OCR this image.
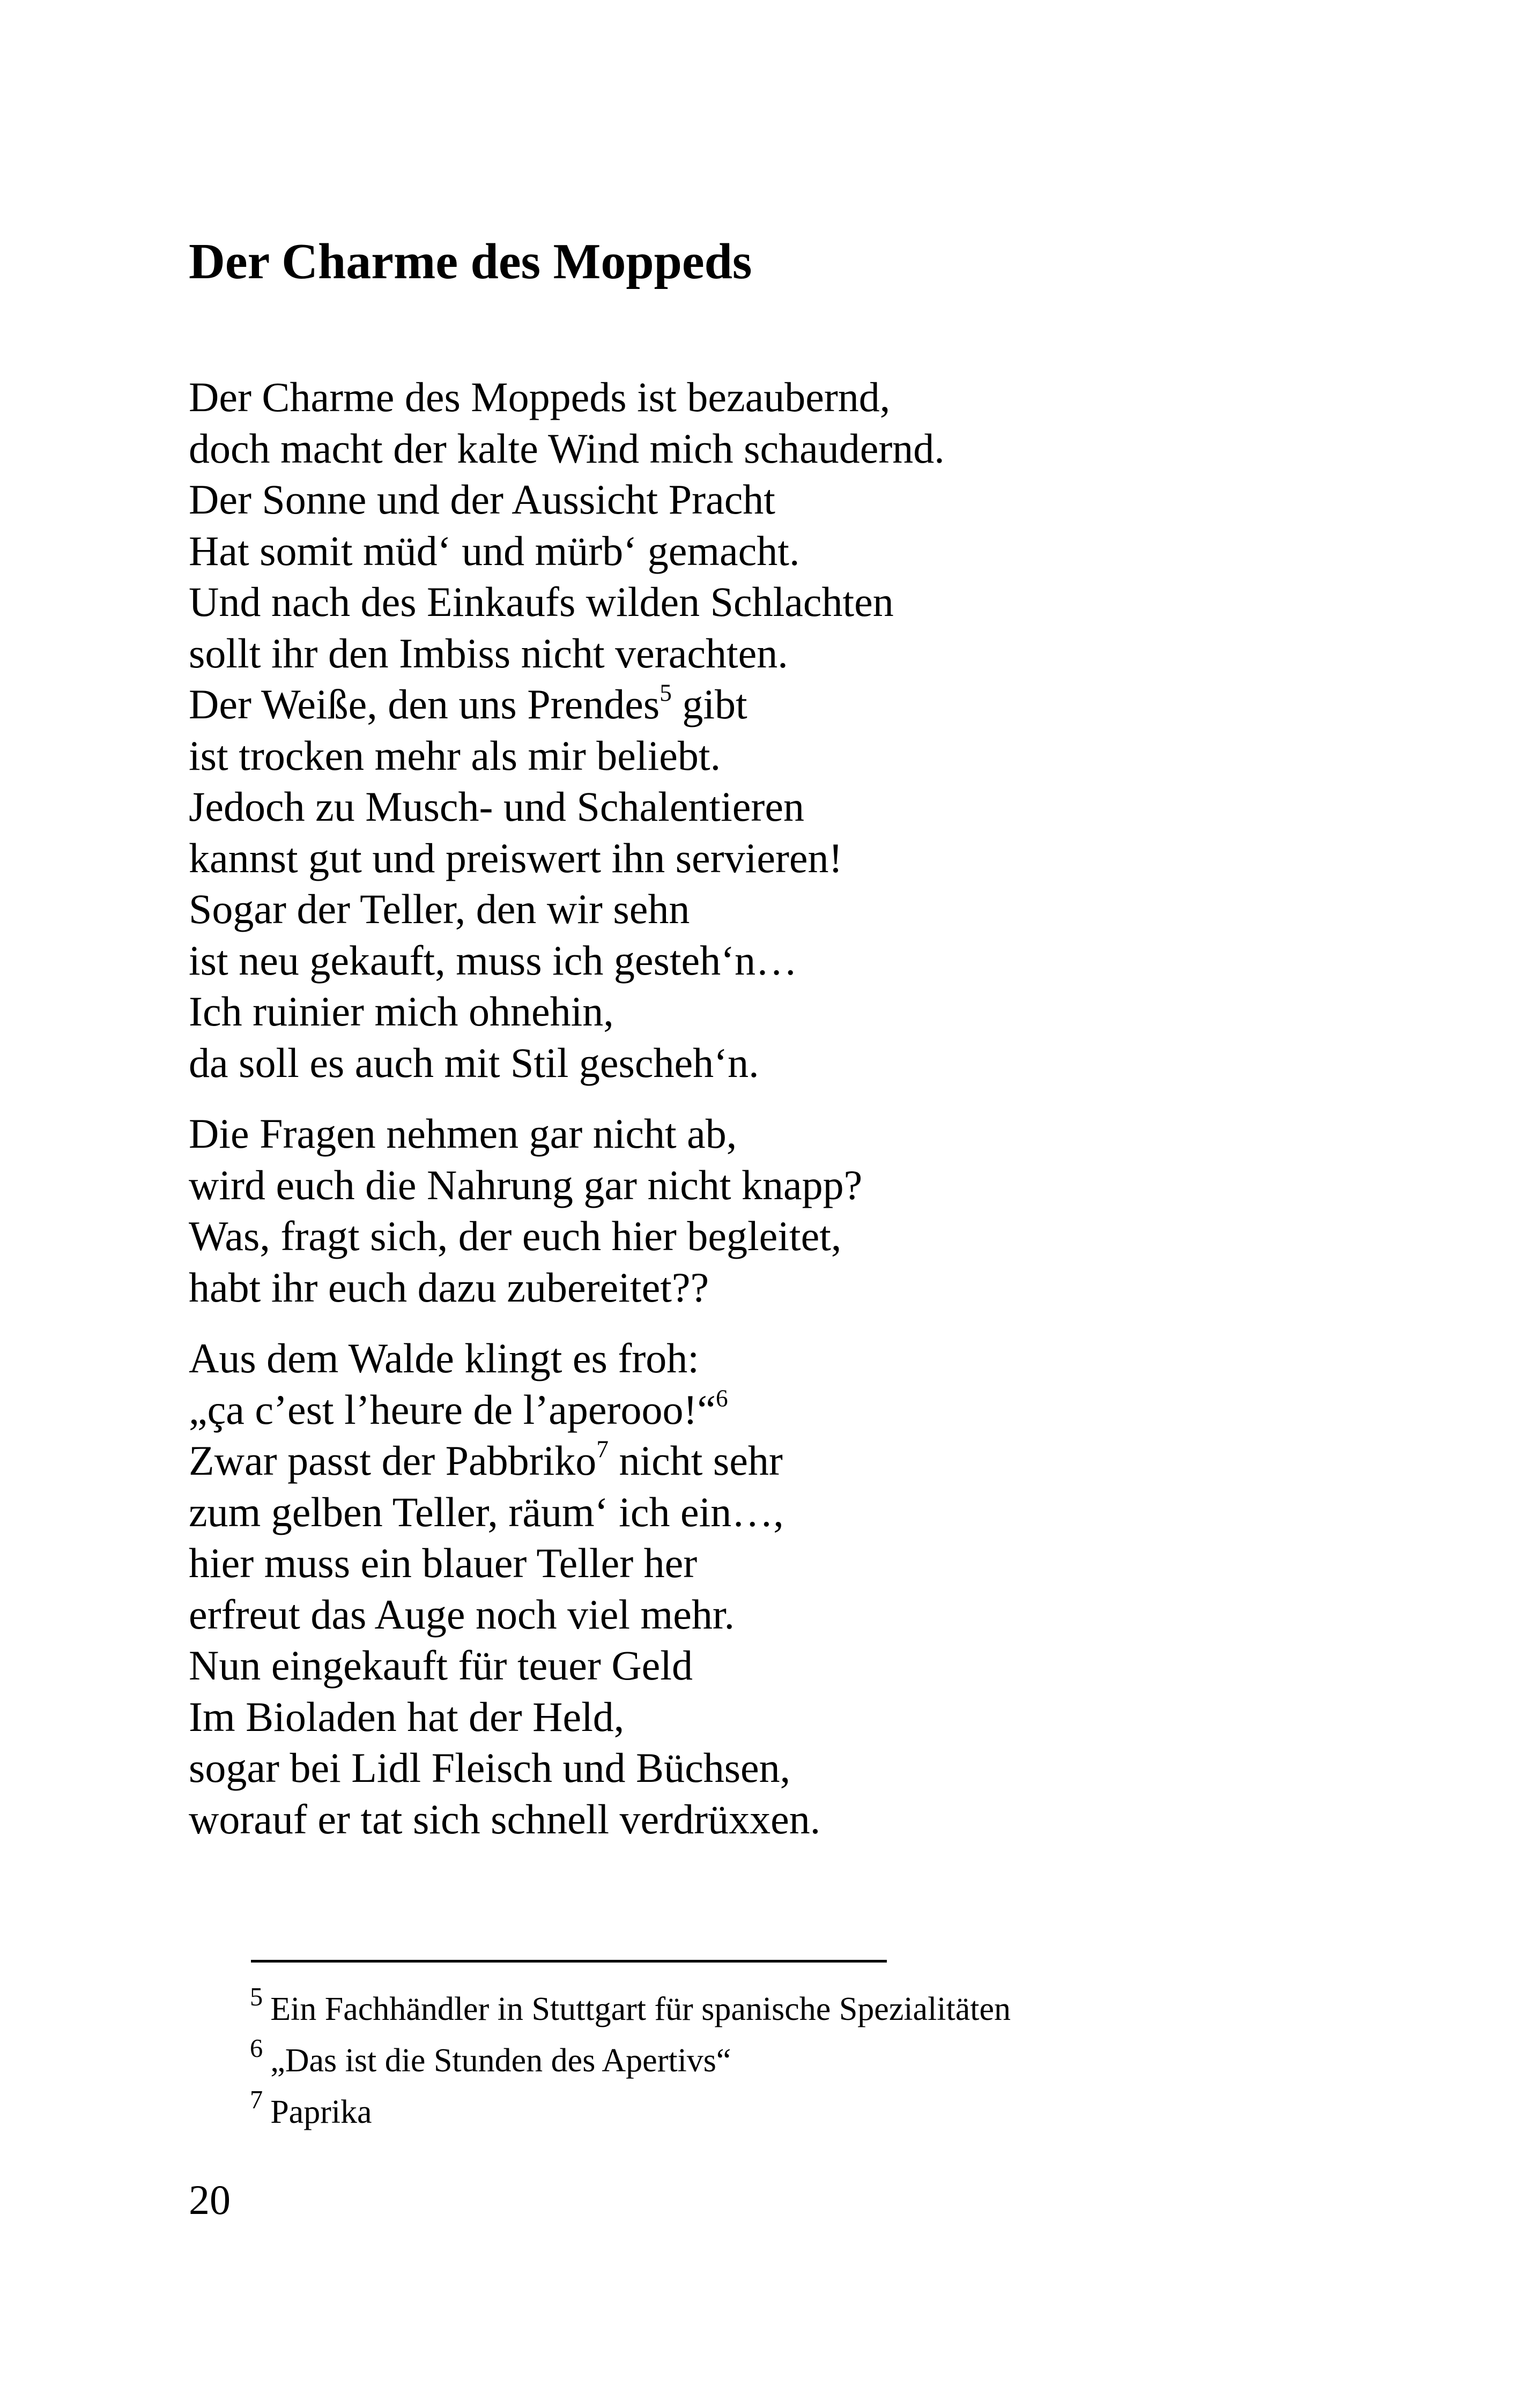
Der Charme des Moppeds
Der Charme des Moppeds ist bezaubernd,
doch macht der kalte Wind mich schaudernd.
Der Sonne und der Aussicht Pracht
Hat somit müd‘ und mürb‘ gemacht.
Und nach des Einkaufs wilden Schlachten
sollt ihr den Imbiss nicht verachten.
Der Weiße, den uns Prendes$^5$ gibt
ist trocken mehr als mir beliebt.
Jedoch zu Musch- und Schalentieren
kannst gut und preiswert ihn servieren!
Sogar der Teller, den wir sehn
ist neu gekauft, muss ich gesteh‘n…
Ich ruinier mich ohnehin,
da soll es auch mit Stil gescheh‘n.
Die Fragen nehmen gar nicht ab,
wird euch die Nahrung gar nicht knapp?
Was, fragt sich, der euch hier begleitet,
habt ihr euch dazu zubereitet??
Aus dem Walde klingt es froh:
„ça c’est l’heure de l’aperooo!“$^6$
Zwar passt der Pabbriko$^7$ nicht sehr
zum gelben Teller, räum‘ ich ein…,
hier muss ein blauer Teller her
erfreut das Auge noch viel mehr.
Nun eingekauft für teuer Geld
Im Bioladen hat der Held,
sogar bei Lidl Fleisch und Büchsen,
worauf er tat sich schnell verdrüxxen.
$^5$ Ein Fachhändler in Stuttgart für spanische Spezialitäten
$^6$ „Das ist die Stunden des Apertivs“
$^7$ Paprika
20
